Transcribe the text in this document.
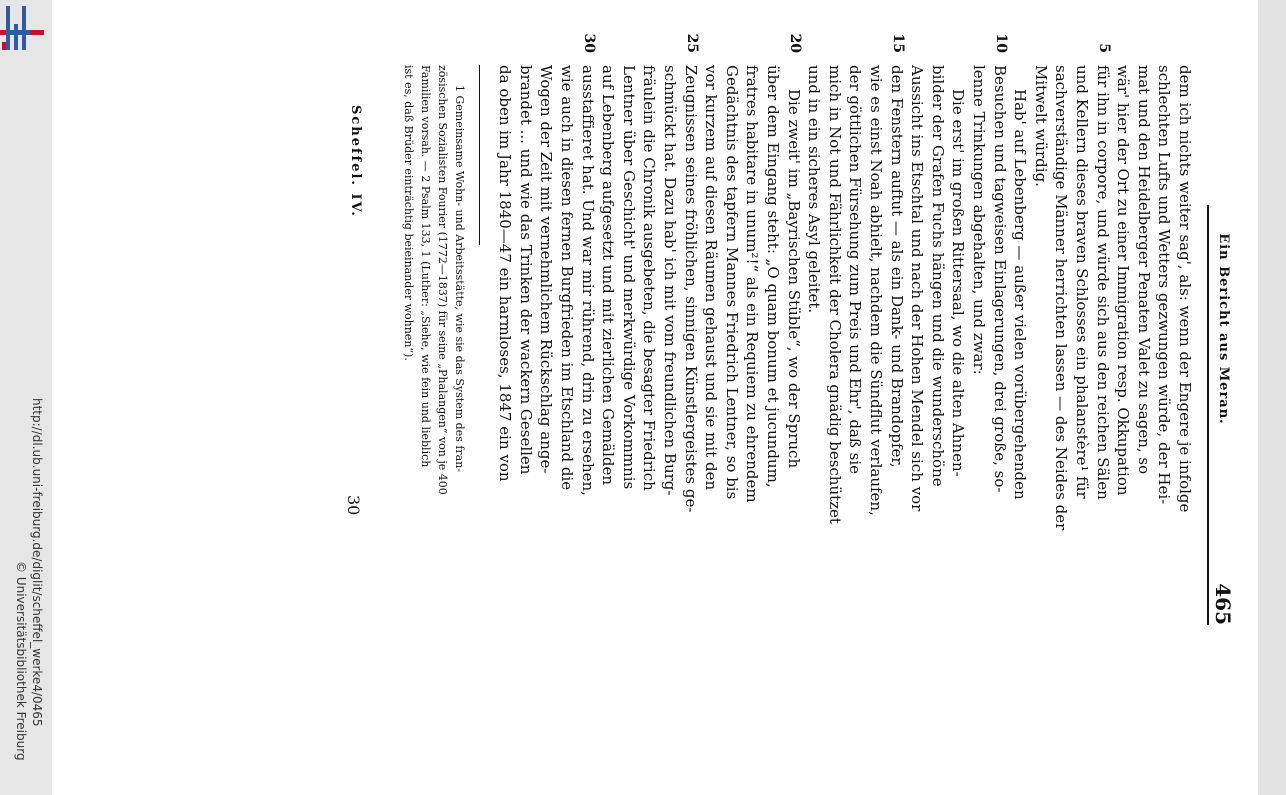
http://dl.ub.uni-freiburg.de/diglit/scheffel_werke4/0465
© Universitätsbibliothek Freiburg
Ein Bericht aus Meran.
465
dem ich nichts weiter sag', als: wenn der Engere je infolge
schlechten Lufts und Wetters gezwungen würde, der Hei-
mat und den Heidelberger Penaten Valet zu sagen, so
wär' hier der Ort zu einer Immigration resp. Okkupation
5
für ihn in corpore, und würde sich aus den reichen Sälen
und Kellern dieses braven Schlosses ein phalanstère¹ für
sachverständige Männer herrichten lassen — des Neides der
Mitwelt würdig.
Hab' auf Lebenberg — außer vielen vorübergehenden
10
Besuchen und tagweisen Einlagerungen, drei große, so-
lenne Trinkungen abgehalten, und zwar:
Die erst' im großen Rittersaal, wo die alten Ahnen-
bilder der Grafen Fuchs hängen und die wunderschöne
Aussicht ins Etschtal und nach der Hohen Mendel sich vor
15
den Fenstern auftut — als ein Dank- und Brandopfer,
wie es einst Noah abhielt, nachdem die Sündflut verlaufen,
der göttlichen Fürsehung zum Preis und Ehr', daß sie
mich in Not und Fährlichkeit der Cholera gnädig beschützet
und in ein sicheres Asyl geleitet.
20
Die zweit' im „Bayrischen Stüble“, wo der Spruch
über dem Eingang steht: „O quam bonum et jucundum,
fratres habitare in unum²!“ als ein Requiem zu ehrendem
Gedächtnis des tapfern Mannes Friedrich Lentner, so bis
vor kurzem auf diesen Räumen gehaust und sie mit den
25
Zeugnissen seines fröhlichen, sinnigen Künstlergeistes ge-
schmückt hat. Dazu hab' ich mit vom freundlichen Burg-
fräulein die Chronik ausgebeten, die besagter Friedrich
Lentner über Geschicht' und merkwürdige Vorkommnis
auf Lebenberg aufgesetzt und mit zierlichen Gemälden
30
ausstaffieret hat. Und war mir rührend, drin zu ersehen,
wie auch in diesen fernen Burgfrieden im Etschland die
Wogen der Zeit mit vernehmlichem Rückschlag ange-
brandet ... und wie das Trinken der wackern Gesellen
da oben im Jahr 1840—47 ein harmloses, 1847 ein von
1 Gemeinsame Wohn- und Arbeitsstätte, wie sie das System des fran-
zösischen Sozialisten Fourier (1772—1837) für seine „Phalangen“ von je 400
Familien vorsah. — 2 Psalm 133, 1 (Luther: „Siehe, wie fein und lieblich
ist es, daß Brüder einträchtig beieinander wohnen“).
Scheffel. IV.
30
